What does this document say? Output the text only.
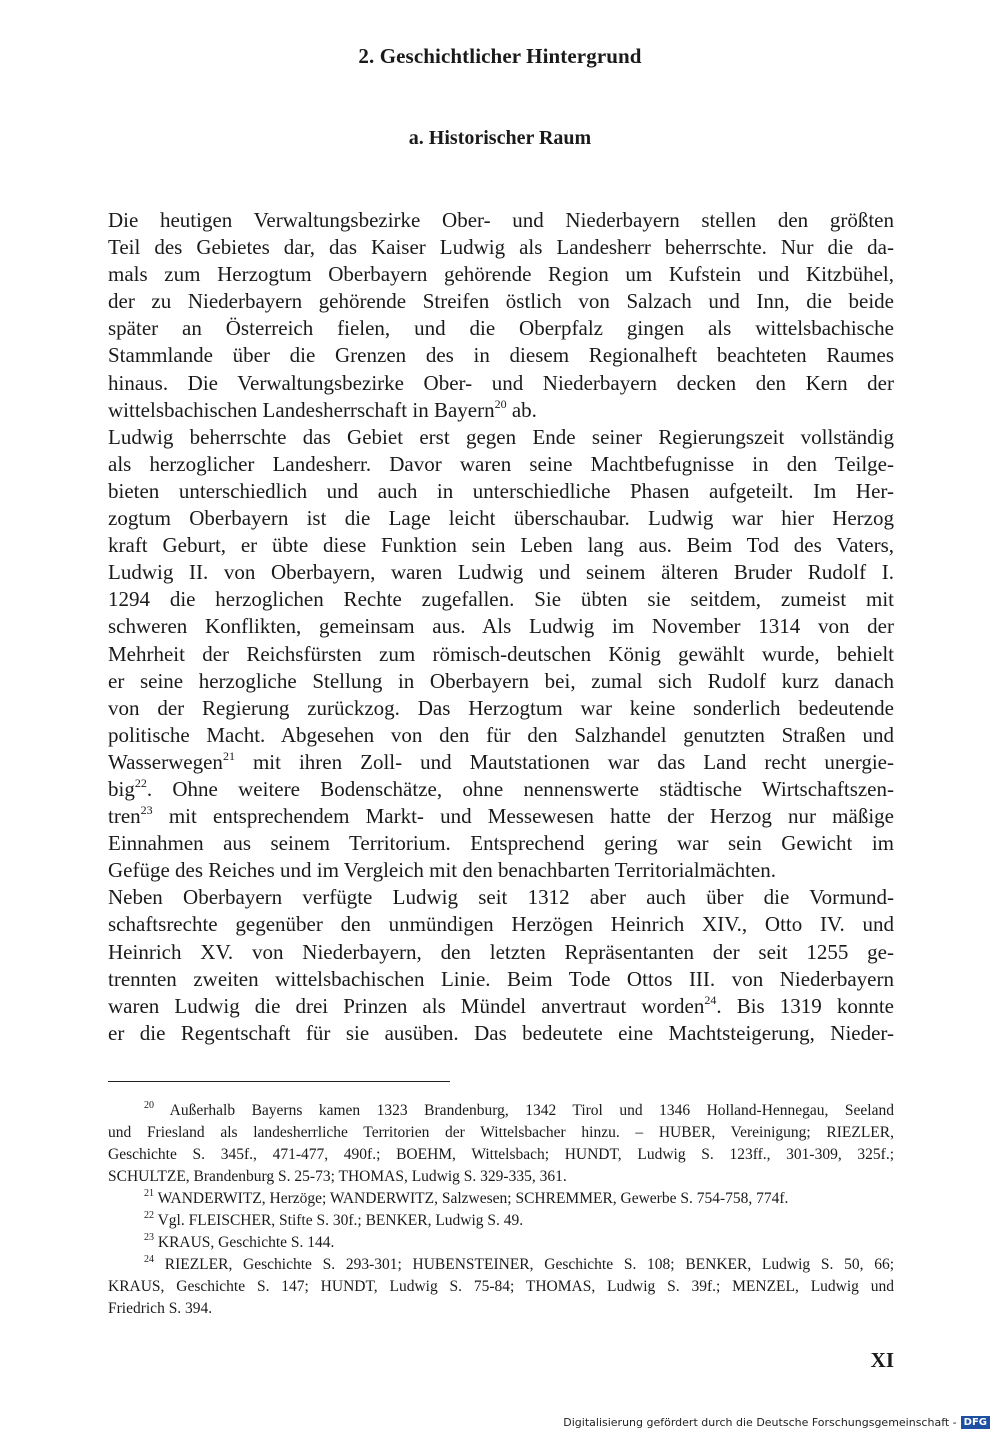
2. Geschichtlicher Hintergrund
a. Historischer Raum
Die heutigen Verwaltungsbezirke Ober- und Niederbayern stellen den größten
Teil des Gebietes dar, das Kaiser Ludwig als Landesherr beherrschte. Nur die da-
mals zum Herzogtum Oberbayern gehörende Region um Kufstein und Kitzbühel,
der zu Niederbayern gehörende Streifen östlich von Salzach und Inn, die beide
später an Österreich fielen, und die Oberpfalz gingen als wittelsbachische
Stammlande über die Grenzen des in diesem Regionalheft beachteten Raumes
hinaus. Die Verwaltungsbezirke Ober- und Niederbayern decken den Kern der
wittelsbachischen Landesherrschaft in Bayern$^{20}$ ab.
Ludwig beherrschte das Gebiet erst gegen Ende seiner Regierungszeit vollständig
als herzoglicher Landesherr. Davor waren seine Machtbefugnisse in den Teilge-
bieten unterschiedlich und auch in unterschiedliche Phasen aufgeteilt. Im Her-
zogtum Oberbayern ist die Lage leicht überschaubar. Ludwig war hier Herzog
kraft Geburt, er übte diese Funktion sein Leben lang aus. Beim Tod des Vaters,
Ludwig II. von Oberbayern, waren Ludwig und seinem älteren Bruder Rudolf I.
1294 die herzoglichen Rechte zugefallen. Sie übten sie seitdem, zumeist mit
schweren Konflikten, gemeinsam aus. Als Ludwig im November 1314 von der
Mehrheit der Reichsfürsten zum römisch-deutschen König gewählt wurde, behielt
er seine herzogliche Stellung in Oberbayern bei, zumal sich Rudolf kurz danach
von der Regierung zurückzog. Das Herzogtum war keine sonderlich bedeutende
politische Macht. Abgesehen von den für den Salzhandel genutzten Straßen und
Wasserwegen$^{21}$ mit ihren Zoll- und Mautstationen war das Land recht unergie-
big$^{22}$. Ohne weitere Bodenschätze, ohne nennenswerte städtische Wirtschaftszen-
tren$^{23}$ mit entsprechendem Markt- und Messewesen hatte der Herzog nur mäßige
Einnahmen aus seinem Territorium. Entsprechend gering war sein Gewicht im
Gefüge des Reiches und im Vergleich mit den benachbarten Territorialmächten.
Neben Oberbayern verfügte Ludwig seit 1312 aber auch über die Vormund-
schaftsrechte gegenüber den unmündigen Herzögen Heinrich XIV., Otto IV. und
Heinrich XV. von Niederbayern, den letzten Repräsentanten der seit 1255 ge-
trennten zweiten wittelsbachischen Linie. Beim Tode Ottos III. von Niederbayern
waren Ludwig die drei Prinzen als Mündel anvertraut worden$^{24}$. Bis 1319 konnte
er die Regentschaft für sie ausüben. Das bedeutete eine Machtsteigerung, Nieder-
$^{20}$ Außerhalb Bayerns kamen 1323 Brandenburg, 1342 Tirol und 1346 Holland-Hennegau, Seeland
und Friesland als landesherrliche Territorien der Wittelsbacher hinzu. – HUBER, Vereinigung; RIEZLER,
Geschichte S. 345f., 471-477, 490f.; BOEHM, Wittelsbach; HUNDT, Ludwig S. 123ff., 301-309, 325f.;
SCHULTZE, Brandenburg S. 25-73; THOMAS, Ludwig S. 329-335, 361.
$^{21}$ WANDERWITZ, Herzöge; WANDERWITZ, Salzwesen; SCHREMMER, Gewerbe S. 754-758, 774f.
$^{22}$ Vgl. FLEISCHER, Stifte S. 30f.; BENKER, Ludwig S. 49.
$^{23}$ KRAUS, Geschichte S. 144.
$^{24}$ RIEZLER, Geschichte S. 293-301; HUBENSTEINER, Geschichte S. 108; BENKER, Ludwig S. 50, 66;
KRAUS, Geschichte S. 147; HUNDT, Ludwig S. 75-84; THOMAS, Ludwig S. 39f.; MENZEL, Ludwig und
Friedrich S. 394.
XI
Digitalisierung gefördert durch die Deutsche Forschungsgemeinschaft - DFG
